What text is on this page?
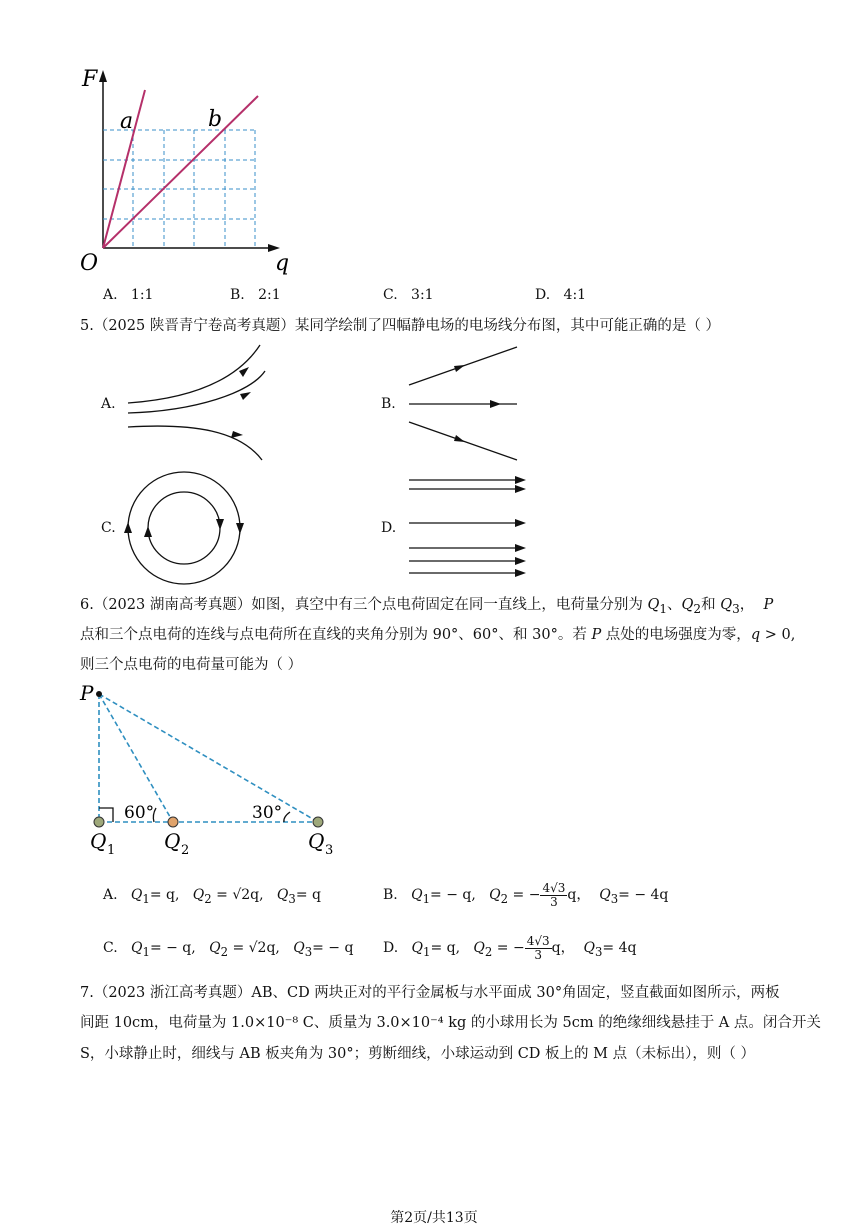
F
q
O
a	b
A. 1:1	B. 2:1	C. 3:1	D. 4:1
5.（2025 陕晋青宁卷高考真题）某同学绘制了四幅静电场的电场线分布图，其中可能正确的是（ ）
A.	B.
C.	D.
6.（2023 湖南高考真题）如图，真空中有三个点电荷固定在同一直线上，电荷量分别为 $Q_1$、$Q_2$和 $Q_3$， P
点和三个点电荷的连线与点电荷所在直线的夹角分别为 90°、60°、和 30°。若 P 点处的电场强度为零，q > 0,
则三个点电荷的电荷量可能为（ ）
P
60°	30°
Q 1 Q 2	Q 3
A. $Q_1= q$, $Q_2 = √2q$, $Q_3= q$	B. $Q_1= - q$, $Q_2$ = − $\frac{4√3}{3}$ q， $Q_3= - 4q$
C. $Q_1= - q$, $Q_2 = √2q$, $Q_3= - q$ D. $Q_1= q$, $Q_2$ = − $\frac{4√3}{3}$ q， $Q_3= 4q$
7.（2023 浙江高考真题）AB、CD 两块正对的平行金属板与水平面成 30°角固定，竖直截面如图所示，两板
间距 10cm，电荷量为 1.0×10⁻⁸ C、质量为 3.0×10⁻⁴ kg 的小球用长为 5cm 的绝缘细线悬挂于 A 点。闭合开关
S，小球静止时，细线与 AB 板夹角为 30°；剪断细线，小球运动到 CD 板上的 M 点（未标出），则（ ）
第2页/共13页
